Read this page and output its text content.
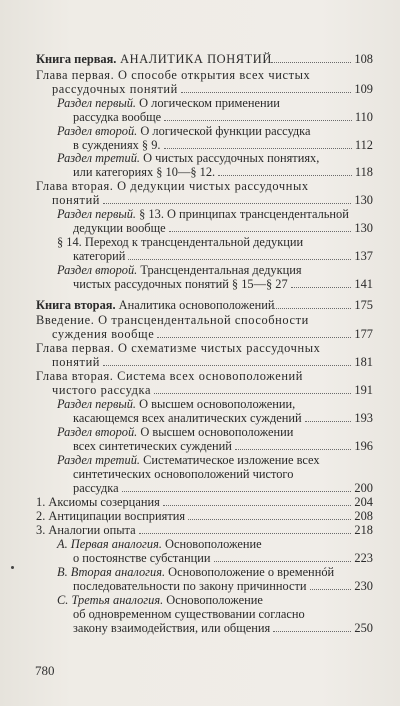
Книга первая. АНАЛИТИКА ПОНЯТИЙ	108
Глава первая. О способе открытия всех чистых
рассудочных понятий	109
Раздел первый. О логическом применении
рассудка вообще	110
Раздел второй. О логической функции рассудка
в суждениях § 9.	112
Раздел третий. О чистых рассудочных понятиях,
или категориях § 10—§ 12.	118
Глава вторая. О дедукции чистых рассудочных
понятий	130
Раздел первый. § 13. О принципах трансцендентальной
дедукции вообще	130
§ 14. Переход к трансцендентальной дедукции
категорий	137
Раздел второй. Трансцендентальная дедукция
чистых рассудочных понятий § 15—§ 27	141
Книга вторая. Аналитика основоположений	175
Введение. О трансцендентальной способности
суждения вообще	177
Глава первая. О схематизме чистых рассудочных
понятий	181
Глава вторая. Система всех основоположений
чистого рассудка	191
Раздел первый. О высшем основоположении,
касающемся всех аналитических суждений	193
Раздел второй. О высшем основоположении
всех синтетических суждений	196
Раздел третий. Систематическое изложение всех
синтетических основоположений чистого
рассудка	200
1. Аксиомы созерцания	204
2. Антиципации восприятия	208
3. Аналогии опыта	218
А. Первая аналогия. Основоположение
о постоянстве субстанции	223
В. Вторая аналогия. Основоположение о временнóй
последовательности по закону причинности	230
С. Третья аналогия. Основоположение
об одновременном существовании согласно
закону взаимодействия, или общения	250
780
